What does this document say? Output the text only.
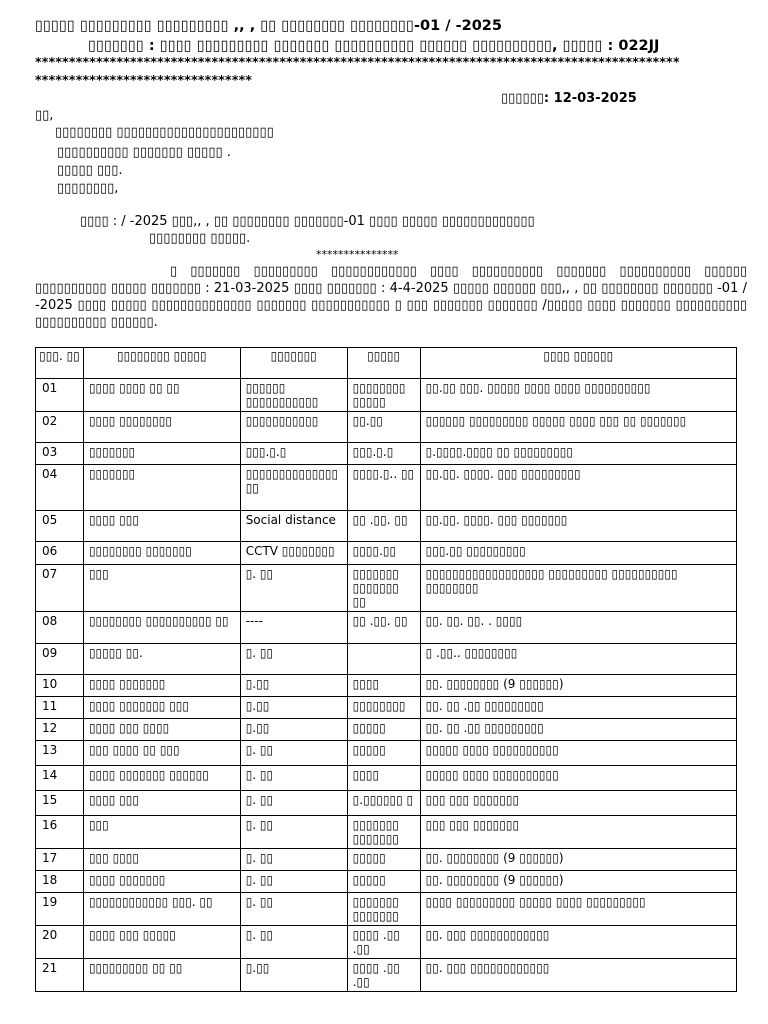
▯▯▯▯▯ ▯▯▯▯▯▯▯▯▯ ▯▯▯▯▯▯▯▯▯ ,, , ▯▯ ▯▯▯▯▯▯▯▯ ▯▯▯▯▯▯▯▯-01 / -2025
▯▯▯▯▯▯▯ : ▯▯▯▯ ▯▯▯▯▯▯▯▯▯ ▯▯▯▯▯▯▯ ▯▯▯▯▯▯▯▯▯▯ ▯▯▯▯▯▯ ▯▯▯▯▯▯▯▯▯▯, ▯▯▯▯▯ : 022JJ
***********************************************************************************************
********************************
▯▯▯▯▯▯: 12-03-2025
▯▯,
▯▯▯▯▯▯▯▯ ▯▯▯▯▯▯▯▯▯▯▯▯▯▯▯▯▯▯▯▯▯▯
▯▯▯▯▯▯▯▯▯▯ ▯▯▯▯▯▯▯ ▯▯▯▯▯ .
▯▯▯▯▯ ▯▯▯.
▯▯▯▯▯▯▯▯,
▯▯▯▯ : / -2025 ▯▯▯,, , ▯▯ ▯▯▯▯▯▯▯▯ ▯▯▯▯▯▯▯-01 ▯▯▯▯ ▯▯▯▯▯ ▯▯▯▯▯▯▯▯▯▯▯▯▯
▯▯▯▯▯▯▯▯ ▯▯▯▯▯.
***************
▯ ▯▯▯▯▯▯▯ ▯▯▯▯▯▯▯▯▯ ▯▯▯▯▯▯▯▯▯▯▯▯ ▯▯▯▯ ▯▯▯▯▯▯▯▯▯▯ ▯▯▯▯▯▯▯ ▯▯▯▯▯▯▯▯▯▯ ▯▯▯▯▯▯ ▯▯▯▯▯▯▯▯▯▯ ▯▯▯▯▯ ▯▯▯▯▯▯▯ : 21-03-2025 ▯▯▯▯ ▯▯▯▯▯▯▯ : 4-4-2025 ▯▯▯▯▯ ▯▯▯▯▯▯ ▯▯▯,, , ▯▯ ▯▯▯▯▯▯▯▯ ▯▯▯▯▯▯▯ -01 / -2025 ▯▯▯▯ ▯▯▯▯▯ ▯▯▯▯▯▯▯▯▯▯▯▯▯▯ ▯▯▯▯▯▯▯ ▯▯▯▯▯▯▯▯▯▯▯ ▯ ▯▯▯ ▯▯▯▯▯▯▯ ▯▯▯▯▯▯▯ /▯▯▯▯▯ ▯▯▯▯ ▯▯▯▯▯▯▯ ▯▯▯▯▯▯▯▯▯▯ ▯▯▯▯▯▯▯▯▯▯ ▯▯▯▯▯▯.
▯▯▯. ▯▯	▯▯▯▯▯▯▯▯ ▯▯▯▯▯	▯▯▯▯▯▯▯	▯▯▯▯▯	▯▯▯▯ ▯▯▯▯▯▯
01	▯▯▯▯ ▯▯▯▯ ▯▯ ▯▯	▯▯▯▯▯▯ ▯▯▯▯▯▯▯▯▯▯▯	▯▯▯▯▯▯▯▯ ▯▯▯▯▯	▯▯.▯▯ ▯▯▯. ▯▯▯▯▯ ▯▯▯▯ ▯▯▯▯ ▯▯▯▯▯▯▯▯▯▯
02	▯▯▯▯ ▯▯▯▯▯▯▯▯	▯▯▯▯▯▯▯▯▯▯▯	▯▯.▯▯	▯▯▯▯▯▯ ▯▯▯▯▯▯▯▯▯ ▯▯▯▯▯ ▯▯▯▯ ▯▯▯ ▯▯ ▯▯▯▯▯▯▯
03	▯▯▯▯▯▯▯	▯▯▯.▯.▯	▯▯▯.▯.▯	▯.▯▯▯▯.▯▯▯▯ ▯▯ ▯▯▯▯▯▯▯▯▯
04	▯▯▯▯▯▯▯	▯▯▯▯▯▯▯▯▯▯▯▯▯▯ ▯▯	▯▯▯▯.▯.. ▯▯	▯▯.▯▯. ▯▯▯▯. ▯▯▯ ▯▯▯▯▯▯▯▯▯
05	▯▯▯▯ ▯▯▯	Social distance	▯▯ .▯▯. ▯▯	▯▯.▯▯. ▯▯▯▯. ▯▯▯ ▯▯▯▯▯▯▯
06	▯▯▯▯▯▯▯▯ ▯▯▯▯▯▯▯	CCTV ▯▯▯▯▯▯▯▯	▯▯▯▯.▯▯	▯▯▯.▯▯ ▯▯▯▯▯▯▯▯▯
07	▯▯▯	▯. ▯▯	▯▯▯▯▯▯▯ ▯▯▯▯▯▯▯ ▯▯	▯▯▯▯▯▯▯▯▯▯▯▯▯▯▯▯▯▯ ▯▯▯▯▯▯▯▯▯ ▯▯▯▯▯▯▯▯▯▯ ▯▯▯▯▯▯▯▯
08	▯▯▯▯▯▯▯▯ ▯▯▯▯▯▯▯▯▯▯ ▯▯	----	▯▯ .▯▯. ▯▯	▯▯. ▯▯. ▯▯. . ▯▯▯▯
09	▯▯▯▯▯ ▯▯.	▯. ▯▯		▯ .▯▯.. ▯▯▯▯▯▯▯▯
10	▯▯▯▯ ▯▯▯▯▯▯▯	▯.▯▯	▯▯▯▯	▯▯. ▯▯▯▯▯▯▯▯ (9 ▯▯▯▯▯▯)
11	▯▯▯▯ ▯▯▯▯▯▯▯ ▯▯▯	▯.▯▯	▯▯▯▯▯▯▯▯	▯▯. ▯▯ .▯▯ ▯▯▯▯▯▯▯▯▯
12	▯▯▯▯ ▯▯▯ ▯▯▯▯	▯.▯▯	▯▯▯▯▯	▯▯. ▯▯ .▯▯ ▯▯▯▯▯▯▯▯▯
13	▯▯▯ ▯▯▯▯ ▯▯ ▯▯▯	▯. ▯▯	▯▯▯▯▯	▯▯▯▯▯ ▯▯▯▯ ▯▯▯▯▯▯▯▯▯▯
14	▯▯▯▯ ▯▯▯▯▯▯▯ ▯▯▯▯▯▯	▯. ▯▯	▯▯▯▯	▯▯▯▯▯ ▯▯▯▯ ▯▯▯▯▯▯▯▯▯▯
15	▯▯▯▯ ▯▯▯	▯. ▯▯	▯.▯▯▯▯▯▯ ▯	▯▯▯ ▯▯▯ ▯▯▯▯▯▯▯
16	▯▯▯	▯. ▯▯	▯▯▯▯▯▯▯ ▯▯▯▯▯▯▯	▯▯▯ ▯▯▯ ▯▯▯▯▯▯▯
17	▯▯▯ ▯▯▯▯	▯. ▯▯	▯▯▯▯▯	▯▯. ▯▯▯▯▯▯▯▯ (9 ▯▯▯▯▯▯)
18	▯▯▯▯ ▯▯▯▯▯▯▯	▯. ▯▯	▯▯▯▯▯	▯▯. ▯▯▯▯▯▯▯▯ (9 ▯▯▯▯▯▯)
19	▯▯▯▯▯▯▯▯▯▯▯▯ ▯▯▯. ▯▯	▯. ▯▯	▯▯▯▯▯▯▯ ▯▯▯▯▯▯▯	▯▯▯▯ ▯▯▯▯▯▯▯▯▯ ▯▯▯▯▯ ▯▯▯▯ ▯▯▯▯▯▯▯▯▯
20	▯▯▯▯ ▯▯▯ ▯▯▯▯▯	▯. ▯▯	▯▯▯▯ .▯▯ .▯▯	▯▯. ▯▯▯ ▯▯▯▯▯▯▯▯▯▯▯▯
21	▯▯▯▯▯▯▯▯▯ ▯▯ ▯▯	▯.▯▯	▯▯▯▯ .▯▯ .▯▯	▯▯. ▯▯▯ ▯▯▯▯▯▯▯▯▯▯▯▯
